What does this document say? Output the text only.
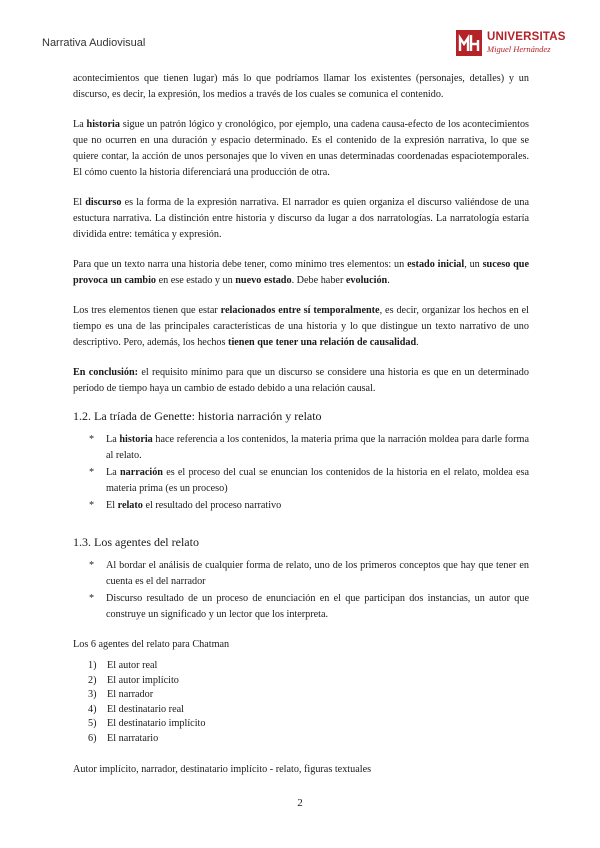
Narrativa Audiovisual	UNIVERSITAS
Miguel Hernández

acontecimientos que tienen lugar) más lo que podríamos llamar los existentes (personajes, detalles) y un discurso, es decir, la expresión, los medios a través de los cuales se comunica el contenido.

La historia sigue un patrón lógico y cronológico, por ejemplo, una cadena causa-efecto de los acontecimientos que no ocurren en una duración y espacio determinado. Es el contenido de la expresión narrativa, lo que se quiere contar, la acción de unos personajes que lo viven en unas determinadas coordenadas espaciotemporales. El cómo cuento la historia diferenciará una producción de otra.

El discurso es la forma de la expresión narrativa. El narrador es quien organiza el discurso valiéndose de una estuctura narrativa. La distinción entre historia y discurso da lugar a dos narratologías. La narratología estaría dividida entre: temática y expresión.

Para que un texto narra una historia debe tener, como mínimo tres elementos: un estado inicial, un suceso que provoca un cambio en ese estado y un nuevo estado. Debe haber evolución.

Los tres elementos tienen que estar relacionados entre sí temporalmente, es decir, organizar los hechos en el tiempo es una de las principales características de una historia y lo que distingue un texto narrativo de uno descriptivo. Pero, además, los hechos tienen que tener una relación de causalidad.

En conclusión: el requisito mínimo para que un discurso se considere una historia es que en un determinado período de tiempo haya un cambio de estado debido a una relación causal.

1.2. La tríada de Genette: historia narración y relato
* La historia hace referencia a los contenidos, la materia prima que la narración moldea para darle forma al relato.
* La narración es el proceso del cual se enuncian los contenidos de la historia en el relato, moldea esa materia prima (es un proceso)
* El relato el resultado del proceso narrativo
1.3. Los agentes del relato
* Al bordar el análisis de cualquier forma de relato, uno de los primeros conceptos que hay que tener en cuenta es el del narrador
* Discurso resultado de un proceso de enunciación en el que participan dos instancias, un autor que construye un significado y un lector que los interpreta.
Los 6 agentes del relato para Chatman
1) El autor real
2) El autor implícito
3) El narrador
4) El destinatario real
5) El destinatario implícito
6) El narratario
Autor implícito, narrador, destinatario implícito - relato, figuras textuales
2
